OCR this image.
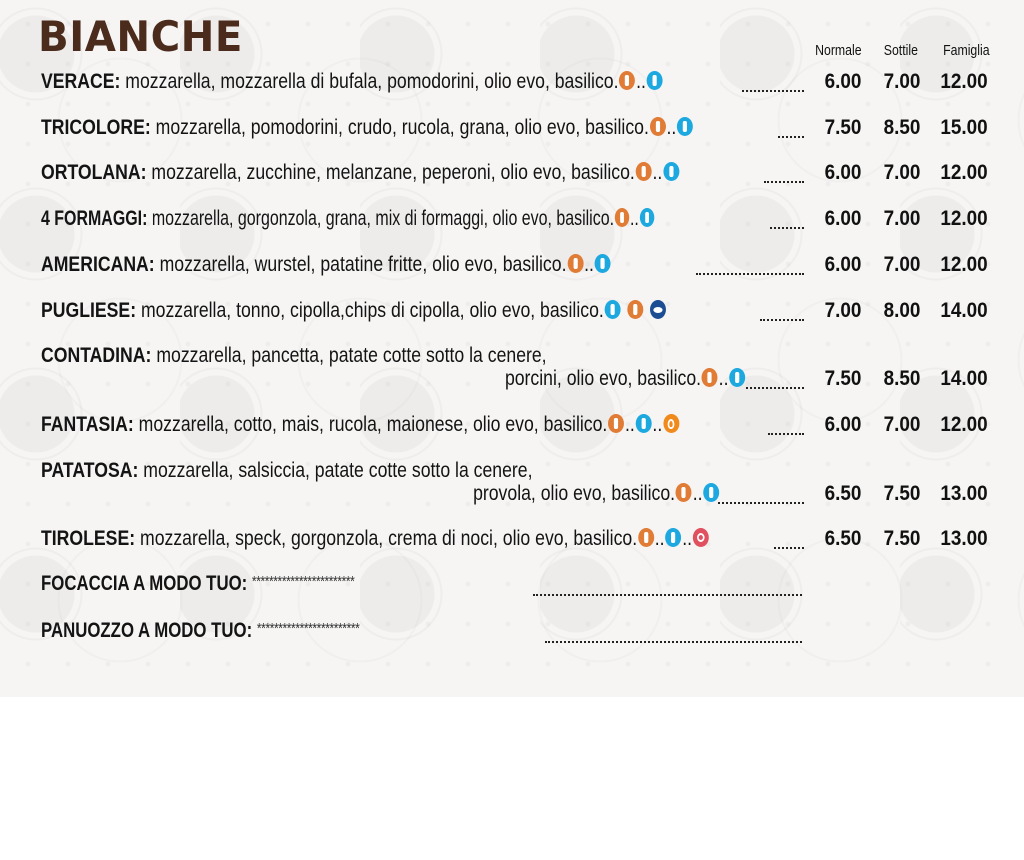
BIANCHE	Normale Sottile Famiglia
VERACE: mozzarella, mozzarella di bufala, pomodorini, olio evo, basilico. ..	6.00	7.00 12.00
TRICOLORE: mozzarella, pomodorini, crudo, rucola, grana, olio evo, basilico. ..	7.50	8.50 15.00
ORTOLANA: mozzarella, zucchine, melanzane, peperoni, olio evo, basilico. ..	6.00	7.00 12.00
4 FORMAGGI: mozzarella, gorgonzola, grana, mix di formaggi, olio evo, basilico. ..	6.00	7.00 12.00
AMERICANA: mozzarella, wurstel, patatine fritte, olio evo, basilico. ..	6.00	7.00 12.00
PUGLIESE: mozzarella, tonno, cipolla,chips di cipolla, olio evo, basilico.	7.00	8.00 14.00
CONTADINA: mozzarella, pancetta, patate cotte sotto la cenere,
porcini, olio evo, basilico. ..	7.50	8.50 14.00
FANTASIA: mozzarella, cotto, mais, rucola, maionese, olio evo, basilico. .. ..	6.00	7.00 12.00
PATATOSA: mozzarella, salsiccia, patate cotte sotto la cenere,
provola, olio evo, basilico. ..	6.50	7.50 13.00
TIROLESE: mozzarella, speck, gorgonzola, crema di noci, olio evo, basilico. .. ..	6.50	7.50 13.00
FOCACCIA A MODO TUO: ************************
PANUOZZO A MODO TUO: ************************
